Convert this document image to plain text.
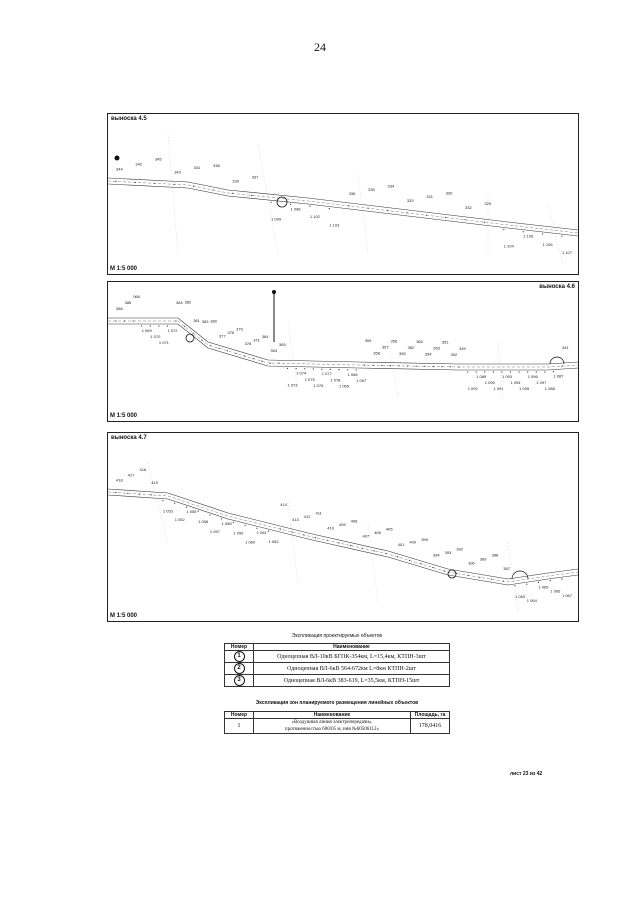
24
344
342
345
343
341	338
339
337
1 099
1 098
1 102
1 103
336
335
334
333
331
330
332
329
1 104
1 105
1 106
1 107
выноска 4.5
М 1:5 000
386
385
066
1 069
1 070
1 071
1 072
384 382
381 383 380
377
376
379
378
371
364
363
365
1 073
1 074
1 075
1 076
1 077
1 078
1 065
1 066
1 067
359
358
357
356
355
362
360
354
353
351
352
349
1 092
1 089
1 090
1 091
1 093
1 094
1 095
1 096
1 097
1 088
1 087
341
выноска 4.6
М 1:5 000
418
417
416
415
1 053
1 052
1 055
1 056
1 057
1 058
1 059
1 060
1 061
1 062
414
413
412
411
410
409
408
407
406
405
401 400 399
394 393
392
390
389
388
387
1 063
1 064
1 065
1 066
1 067
выноска 4.7
М 1:5 000
Экспликация проектируемых объектов
Номер	Наименование
1	Одноцепная ВЛ-10кВ БГПК-354км, L=15,4км, КТПН-3шт
2	Одноцепная ВЛ-6кВ 564-672км L=8км КТПН-2шт
3	Одноцепная ВЛ-6кВ 383-619, L=35,5км, КТПН-15шт
Экспликация зон планируемого размещения линейных объектов
Номер	Наименование	Площадь, га
1	«Воздушная линия электропередачи»,
протяженностью 600/05 м, инв №60506112»	178,0416
лист 23 из 42
